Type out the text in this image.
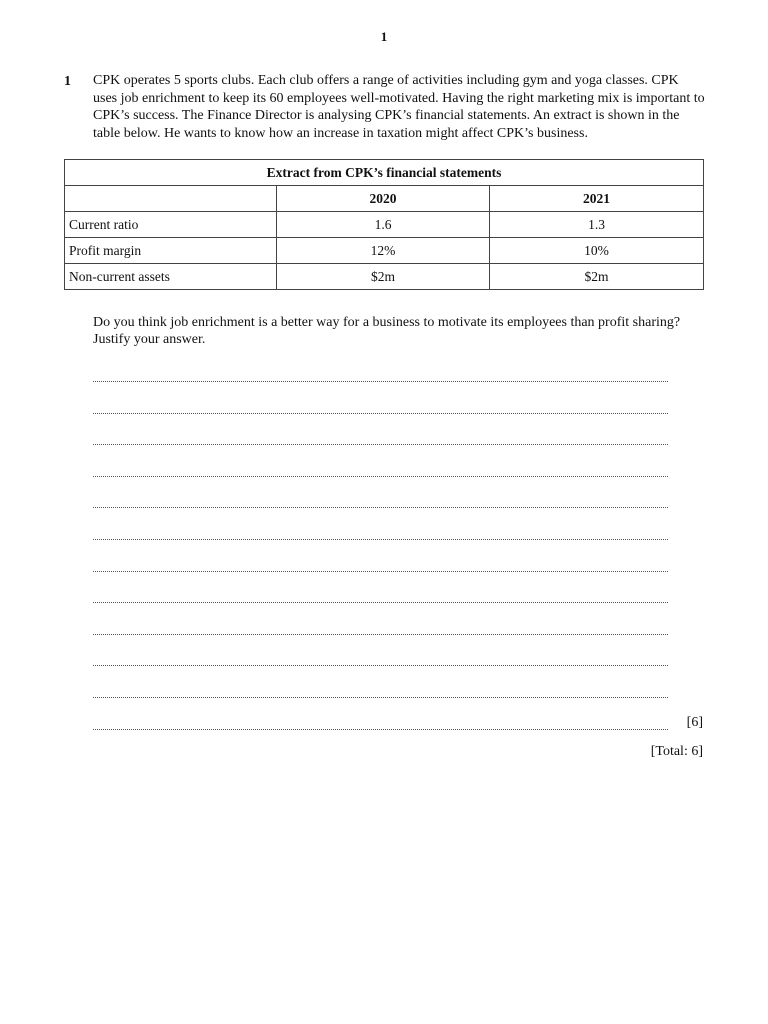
1
1 CPK operates 5 sports clubs. Each club offers a range of activities including gym and yoga classes. CPK uses job enrichment to keep its 60 employees well-motivated. Having the right marketing mix is important to CPK’s success. The Finance Director is analysing CPK’s financial statements. An extract is shown in the table below. He wants to know how an increase in taxation might affect CPK’s business.
Extract from CPK’s financial statements		
	2020	2021
Current ratio	1.6	1.3
Profit margin	12%	10%
Non-current assets	$2m	$2m
Do you think job enrichment is a better way for a business to motivate its employees than profit sharing? Justify your answer.
[6]
[Total: 6]
